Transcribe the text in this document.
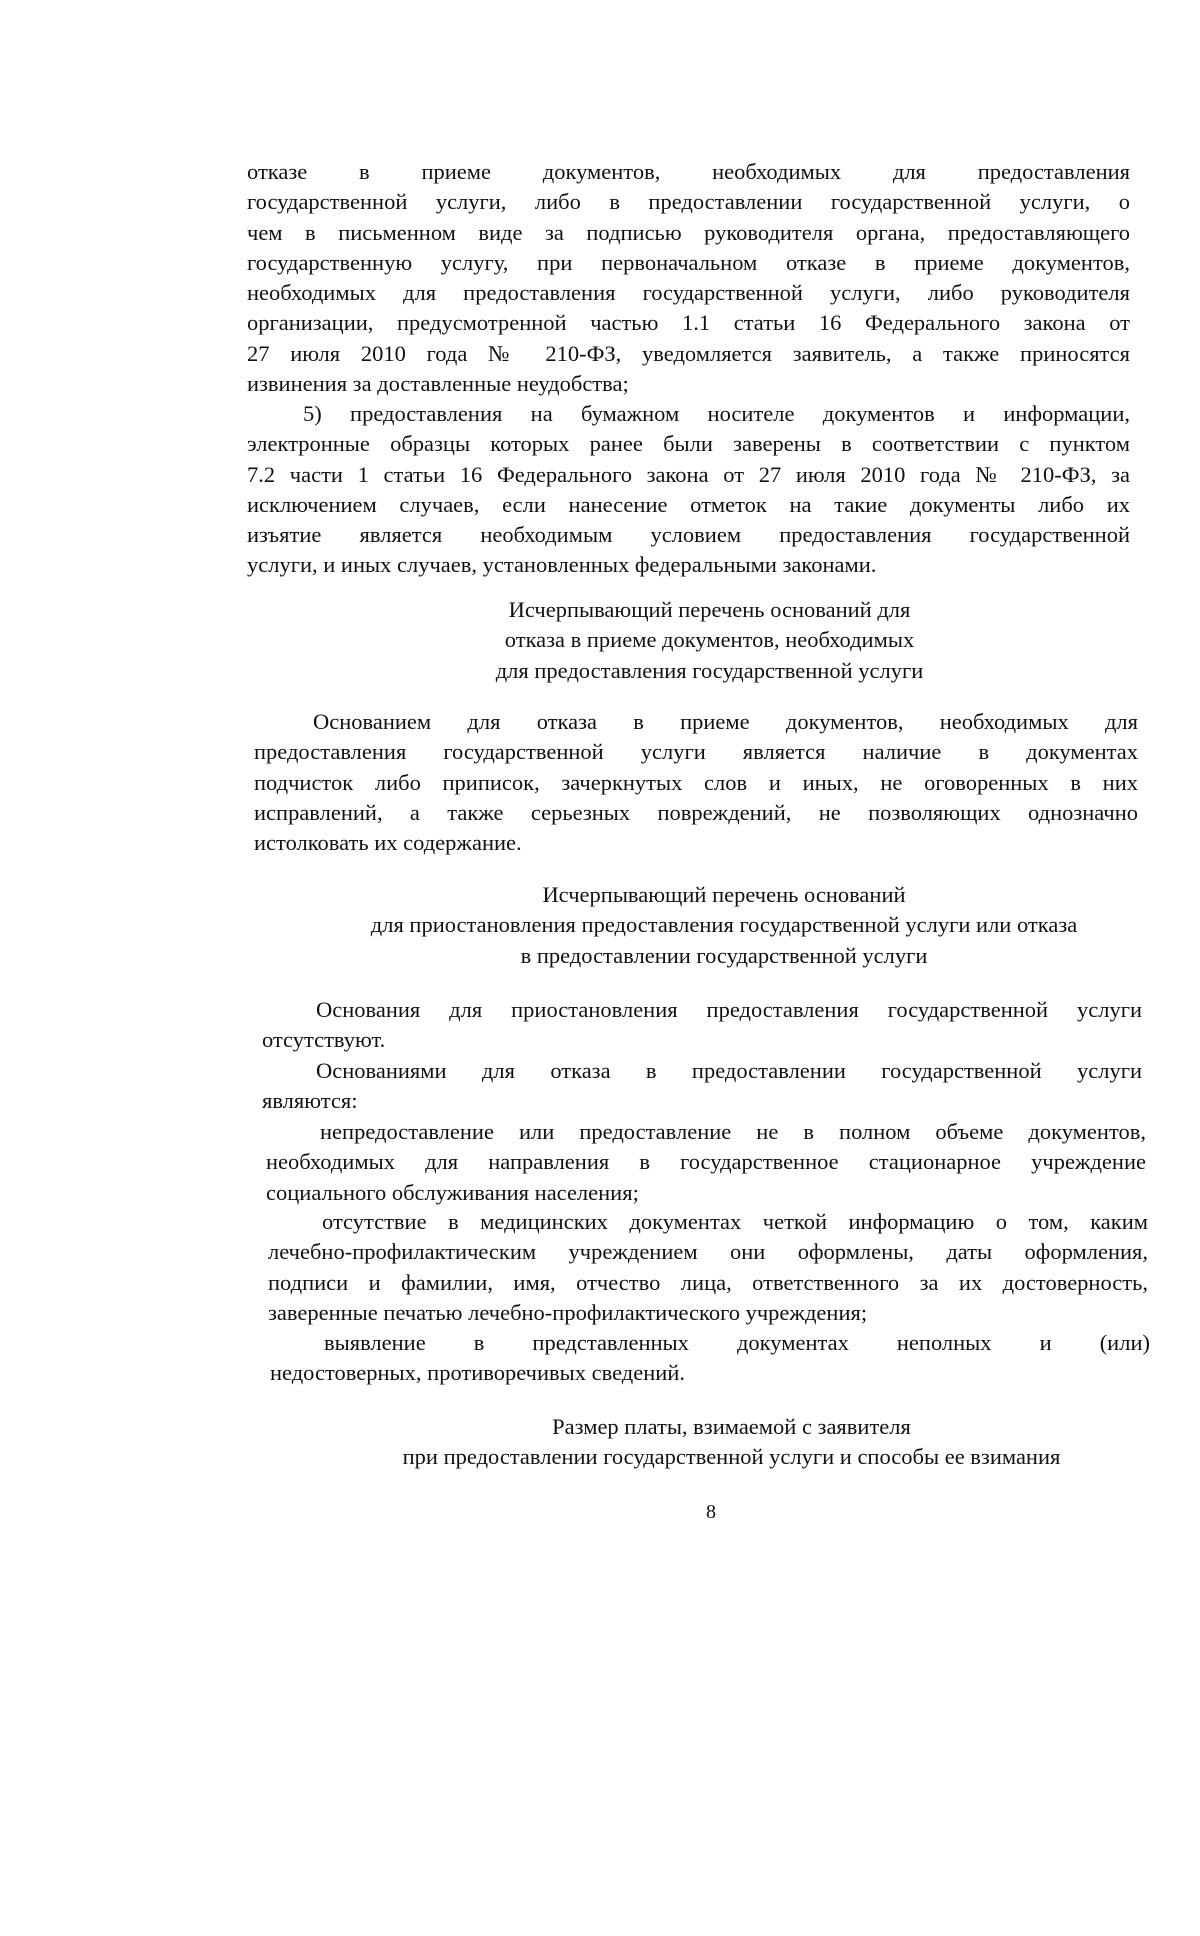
отказе в приеме документов, необходимых для предоставления
государственной услуги, либо в предоставлении государственной услуги, о
чем в письменном виде за подписью руководителя органа, предоставляющего
государственную услугу, при первоначальном отказе в приеме документов,
необходимых для предоставления государственной услуги, либо руководителя
организации, предусмотренной частью 1.1 статьи 16 Федерального закона от
27 июля 2010 года № 210-ФЗ, уведомляется заявитель, а также приносятся
извинения за доставленные неудобства;
5) предоставления на бумажном носителе документов и информации,
электронные образцы которых ранее были заверены в соответствии с пунктом
7.2 части 1 статьи 16 Федерального закона от 27 июля 2010 года № 210-ФЗ, за
исключением случаев, если нанесение отметок на такие документы либо их
изъятие является необходимым условием предоставления государственной
услуги, и иных случаев, установленных федеральными законами.
Исчерпывающий перечень оснований для
отказа в приеме документов, необходимых
для предоставления государственной услуги
Основанием для отказа в приеме документов, необходимых для
предоставления государственной услуги является наличие в документах
подчисток либо приписок, зачеркнутых слов и иных, не оговоренных в них
исправлений, а также серьезных повреждений, не позволяющих однозначно
истолковать их содержание.
Исчерпывающий перечень оснований
для приостановления предоставления государственной услуги или отказа
в предоставлении государственной услуги
Основания для приостановления предоставления государственной услуги
отсутствуют.
Основаниями для отказа в предоставлении государственной услуги
являются:
непредоставление или предоставление не в полном объеме документов,
необходимых для направления в государственное стационарное учреждение
социального обслуживания населения;
отсутствие в медицинских документах четкой информацию о том, каким
лечебно-профилактическим учреждением они оформлены, даты оформления,
подписи и фамилии, имя, отчество лица, ответственного за их достоверность,
заверенные печатью лечебно-профилактического учреждения;
выявление в представленных документах неполных и (или)
недостоверных, противоречивых сведений.
Размер платы, взимаемой с заявителя
при предоставлении государственной услуги и способы ее взимания
8
